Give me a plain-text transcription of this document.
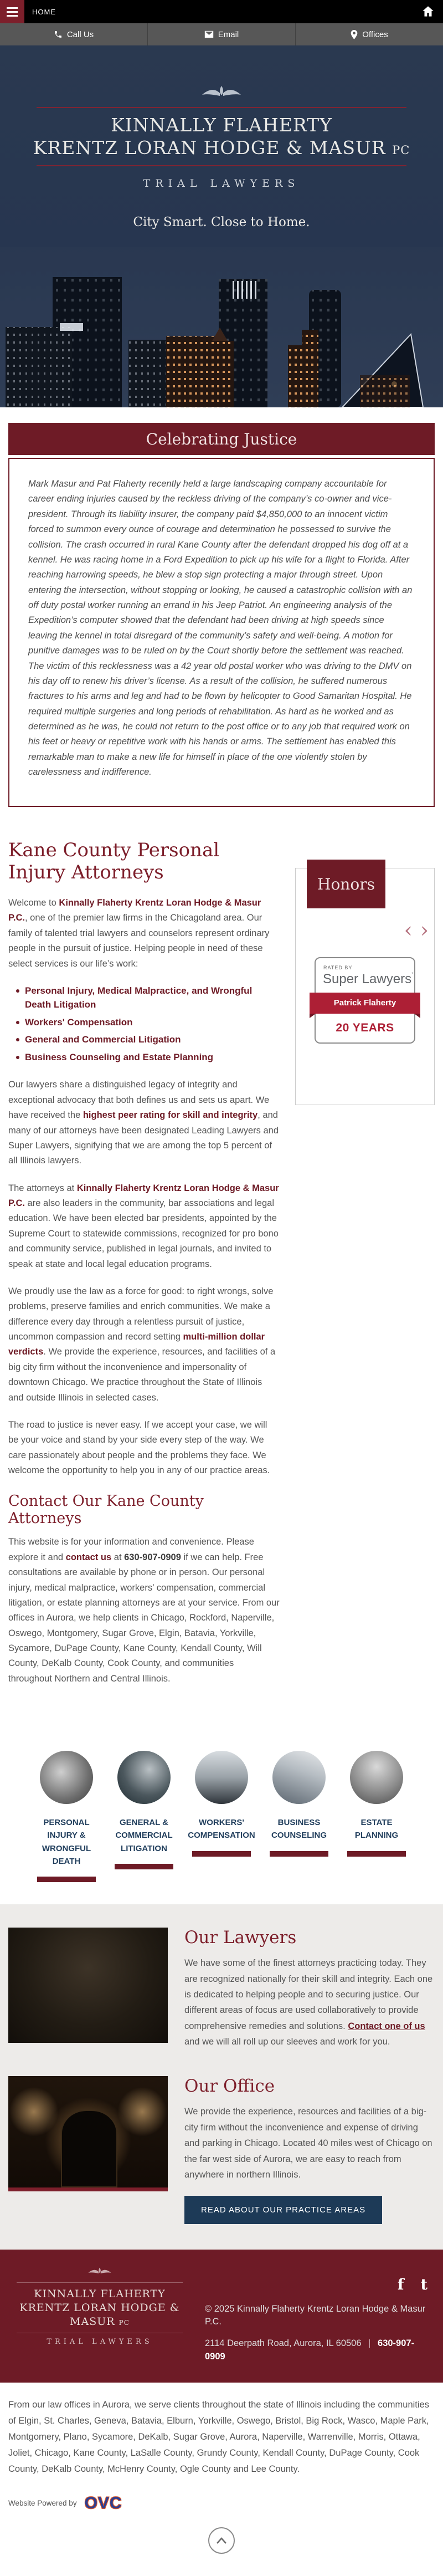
HOME
Call Us	Email	Offices
KINNALLY FLAHERTY
KRENTZ LORAN HODGE & MASUR PC
TRIAL LAWYERS
City Smart. Close to Home.
Celebrating Justice

Mark Masur and Pat Flaherty recently held a large landscaping company accountable for career ending injuries caused by the reckless driving of the company’s co-owner and vice-president. Through its liability insurer, the company paid $4,850,000 to an innocent victim forced to summon every ounce of courage and determination he possessed to survive the collision. The crash occurred in rural Kane County after the defendant dropped his dog off at a kennel. He was racing home in a Ford Expedition to pick up his wife for a flight to Florida. After reaching harrowing speeds, he blew a stop sign protecting a major through street. Upon entering the intersection, without stopping or looking, he caused a catastrophic collision with an off duty postal worker running an errand in his Jeep Patriot. An engineering analysis of the Expedition’s computer showed that the defendant had been driving at high speeds since leaving the kennel in total disregard of the community’s safety and well-being. A motion for punitive damages was to be ruled on by the Court shortly before the settlement was reached. The victim of this recklessness was a 42 year old postal worker who was driving to the DMV on his day off to renew his driver’s license. As a result of the collision, he suffered numerous fractures to his arms and leg and had to be flown by helicopter to Good Samaritan Hospital. He required multiple surgeries and long periods of rehabilitation. As hard as he worked and as determined as he was, he could not return to the post office or to any job that required work on his feet or heavy or repetitive work with his hands or arms. The settlement has enabled this remarkable man to make a new life for himself in place of the one violently stolen by carelessness and indifference.

Kane County Personal Injury Attorneys

Welcome to Kinnally Flaherty Krentz Loran Hodge & Masur P.C., one of the premier law firms in the Chicagoland area. Our family of talented trial lawyers and counselors represent ordinary people in the pursuit of justice. Helping people in need of these select services is our life’s work:

Personal Injury, Medical Malpractice, and Wrongful Death Litigation
Workers' Compensation
General and Commercial Litigation
Business Counseling and Estate Planning

Our lawyers share a distinguished legacy of integrity and exceptional advocacy that both defines us and sets us apart. We have received the highest peer rating for skill and integrity, and many of our attorneys have been designated Leading Lawyers and Super Lawyers, signifying that we are among the top 5 percent of all Illinois lawyers.

The attorneys at Kinnally Flaherty Krentz Loran Hodge & Masur P.C. are also leaders in the community, bar associations and legal education. We have been elected bar presidents, appointed by the Supreme Court to statewide commissions, recognized for pro bono and community service, published in legal journals, and invited to speak at state and local legal education programs.

We proudly use the law as a force for good: to right wrongs, solve problems, preserve families and enrich communities. We make a difference every day through a relentless pursuit of justice, uncommon compassion and record setting multi-million dollar verdicts. We provide the experience, resources, and facilities of a big city firm without the inconvenience and impersonality of downtown Chicago. We practice throughout the State of Illinois and outside Illinois in selected cases.

The road to justice is never easy. If we accept your case, we will be your voice and stand by your side every step of the way. We care passionately about people and the problems they face. We welcome the opportunity to help you in any of our practice areas.

Contact Our Kane County Attorneys

This website is for your information and convenience. Please explore it and contact us at 630-907-0909 if we can help. Free consultations are available by phone or in person. Our personal injury, medical malpractice, workers’ compensation, commercial litigation, or estate planning attorneys are at your service. From our offices in Aurora, we help clients in Chicago, Rockford, Naperville, Oswego, Montgomery, Sugar Grove, Elgin, Batavia, Yorkville, Sycamore, DuPage County, Kane County, Kendall County, Will County, DeKalb County, Cook County, and communities throughout Northern and Central Illinois.

Honors
‹ ›
RATED BY
Super Lawyers’
Patrick Flaherty
20 YEARS
PERSONAL INJURY & WRONGFUL DEATH
GENERAL & COMMERCIAL LITIGATION
WORKERS' COMPENSATION
BUSINESS COUNSELING
ESTATE PLANNING
Our Lawyers

We have some of the finest attorneys practicing today. They are recognized nationally for their skill and integrity. Each one is dedicated to helping people and to securing justice. Our different areas of focus are used collaboratively to provide comprehensive remedies and solutions. Contact one of us and we will all roll up our sleeves and work for you.

Our Office

We provide the experience, resources and facilities of a big-city firm without the inconvenience and expense of driving and parking in Chicago. Located 40 miles west of Chicago on the far west side of Aurora, we are easy to reach from anywhere in northern Illinois.

READ ABOUT OUR PRACTICE AREAS
KINNALLY FLAHERTY
KRENTZ LORAN HODGE & MASUR PC
TRIAL LAWYERS
© 2025 Kinnally Flaherty Krentz Loran Hodge & Masur P.C.
2114 Deerpath Road, Aurora, IL 60506 | 630-907-0909
f t

From our law offices in Aurora, we serve clients throughout the state of Illinois including the communities of Elgin, St. Charles, Geneva, Batavia, Elburn, Yorkville, Oswego, Bristol, Big Rock, Wasco, Maple Park, Montgomery, Plano, Sycamore, DeKalb, Sugar Grove, Aurora, Naperville, Warrenville, Morris, Ottawa, Joliet, Chicago, Kane County, LaSalle County, Grundy County, Kendall County, DuPage County, Cook County, DeKalb County, McHenry County, Ogle County and Lee County.

Website Powered by OVC
